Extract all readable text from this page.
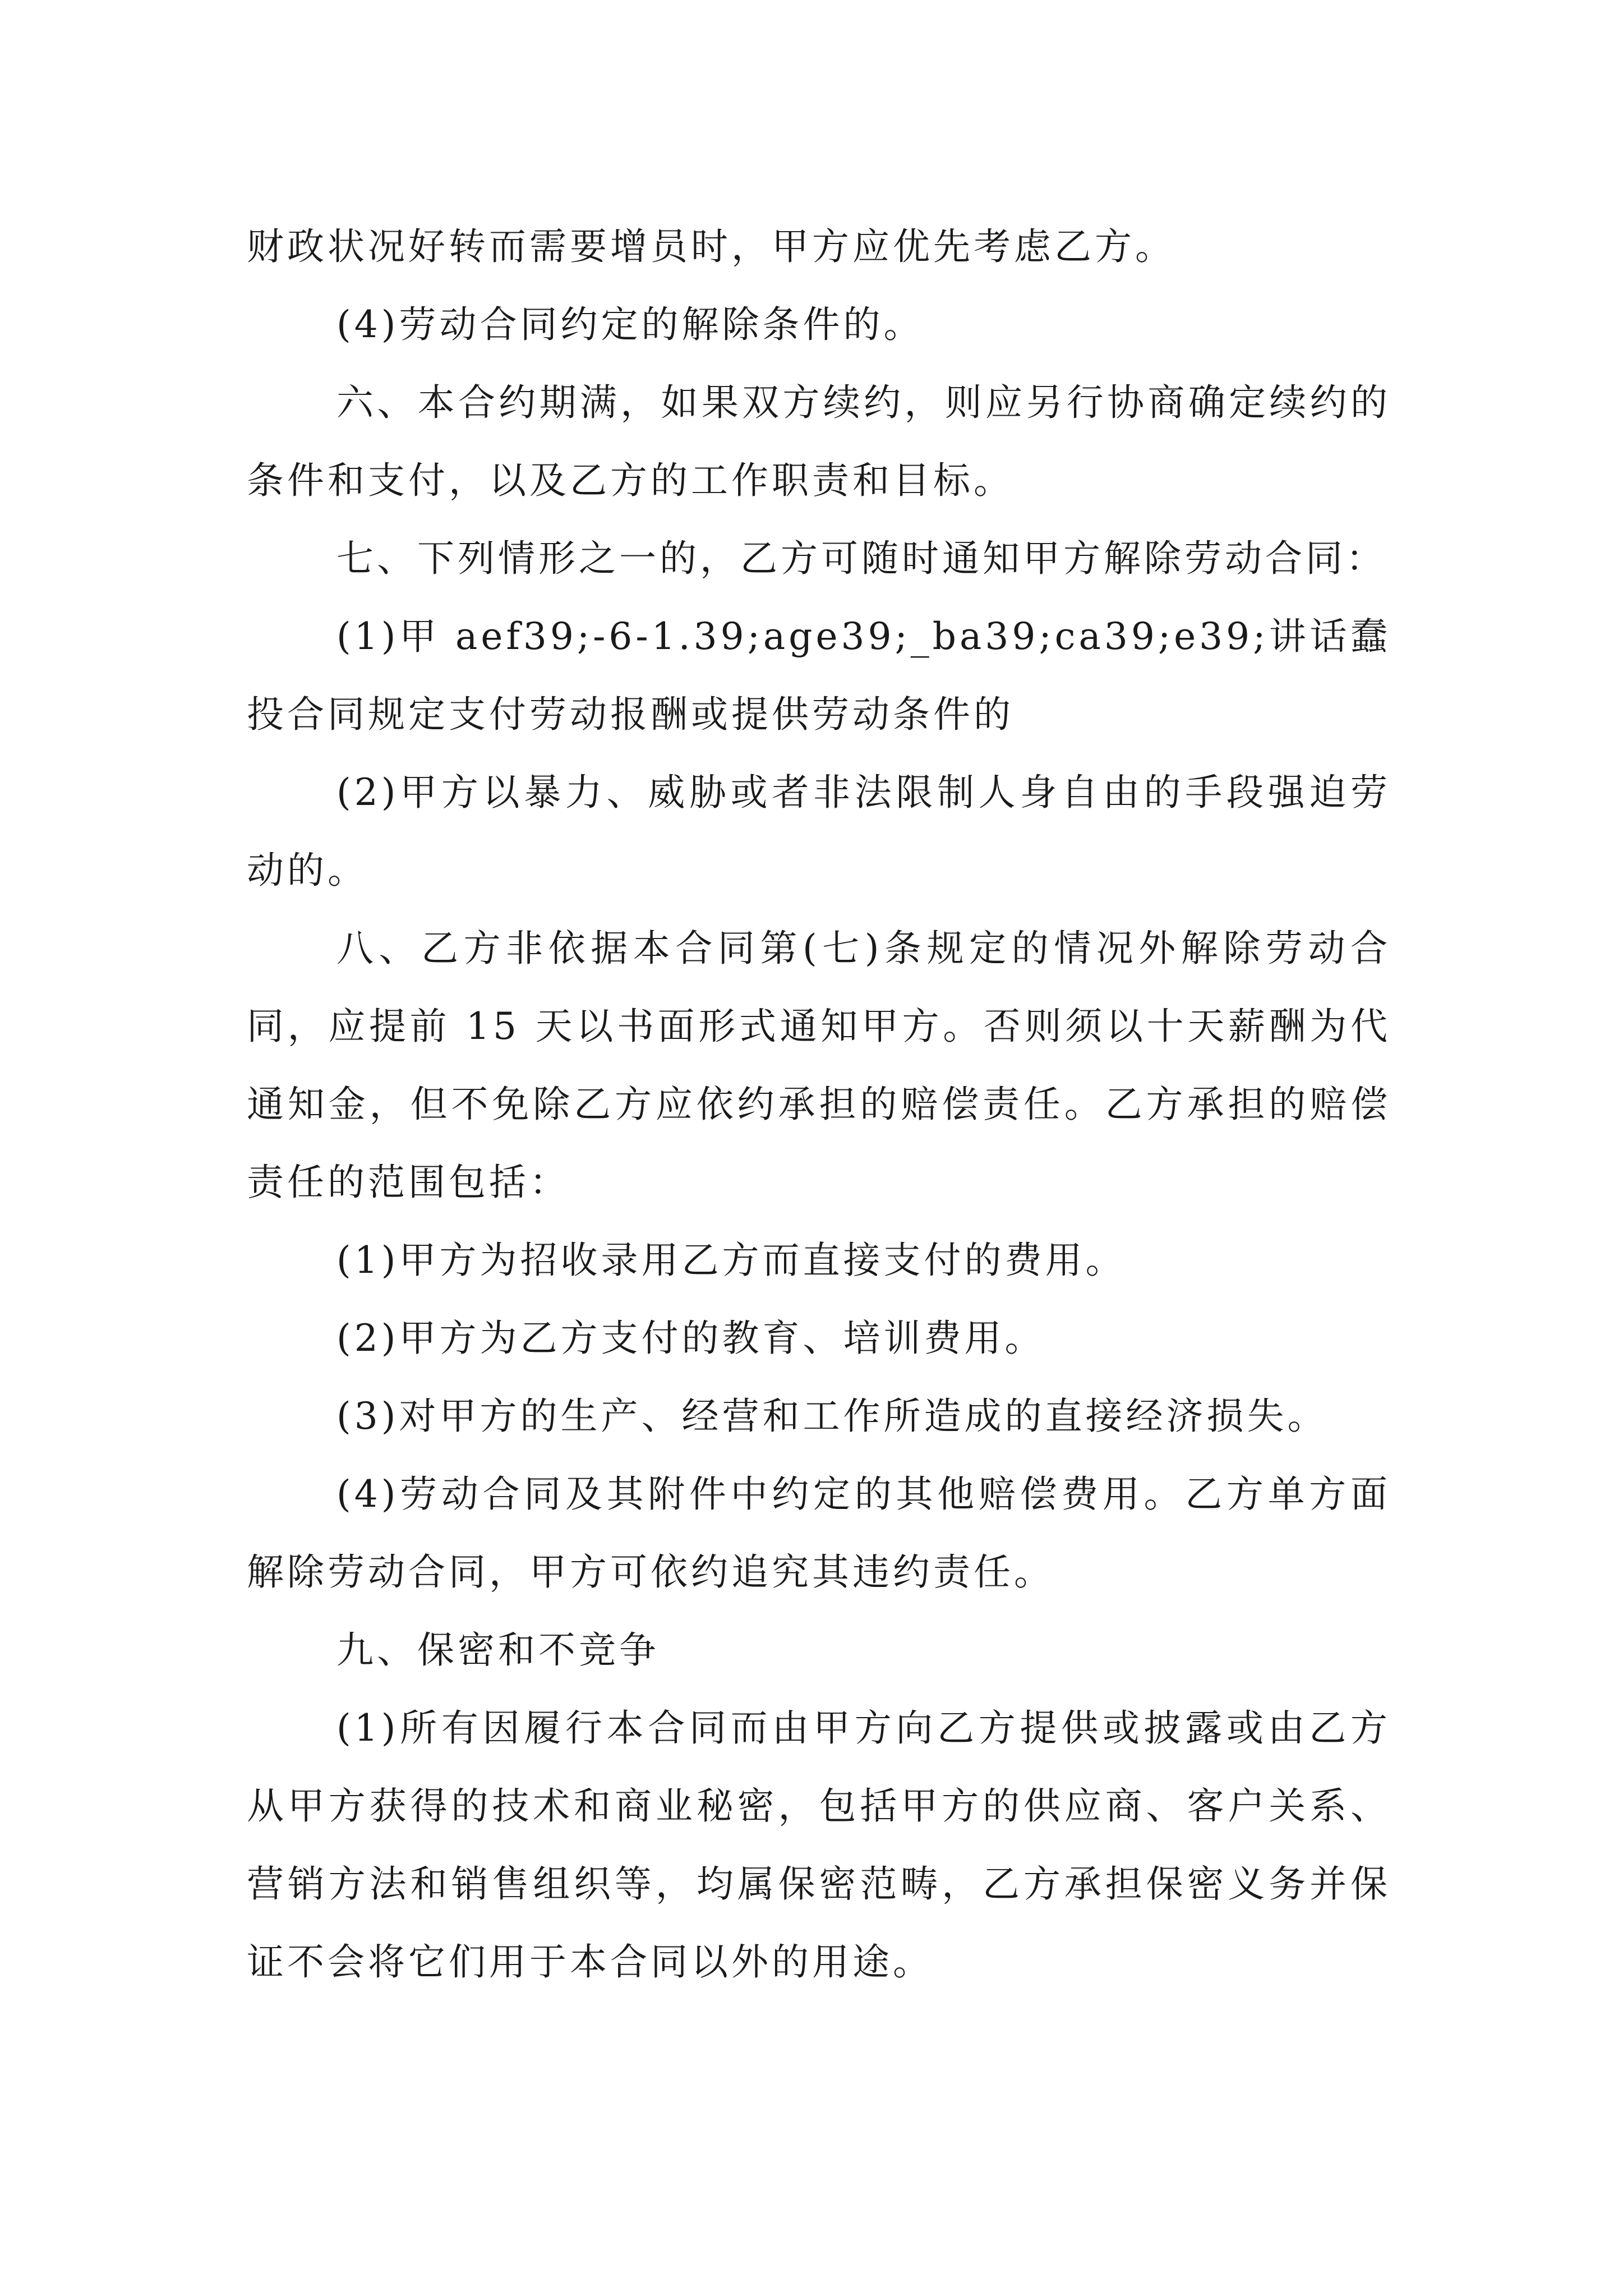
财政状况好转而需要增员时，甲方应优先考虑乙方。

(4)劳动合同约定的解除条件的。

六、本合约期满，如果双方续约，则应另行协商确定续约的条件和支付，以及乙方的工作职责和目标。

七、下列情形之一的，乙方可随时通知甲方解除劳动合同：

(1)甲 aef39;-6-1.39;age39;_ba39;ca39;e39;讲话蠢投合同规定支付劳动报酬或提供劳动条件的

(2)甲方以暴力、威胁或者非法限制人身自由的手段强迫劳动的。

八、乙方非依据本合同第(七)条规定的情况外解除劳动合同，应提前 15 天以书面形式通知甲方。否则须以十天薪酬为代通知金，但不免除乙方应依约承担的赔偿责任。乙方承担的赔偿责任的范围包括：

(1)甲方为招收录用乙方而直接支付的费用。

(2)甲方为乙方支付的教育、培训费用。

(3)对甲方的生产、经营和工作所造成的直接经济损失。

(4)劳动合同及其附件中约定的其他赔偿费用。乙方单方面解除劳动合同，甲方可依约追究其违约责任。

九、保密和不竞争

(1)所有因履行本合同而由甲方向乙方提供或披露或由乙方从甲方获得的技术和商业秘密，包括甲方的供应商、客户关系、营销方法和销售组织等，均属保密范畴，乙方承担保密义务并保证不会将它们用于本合同以外的用途。
